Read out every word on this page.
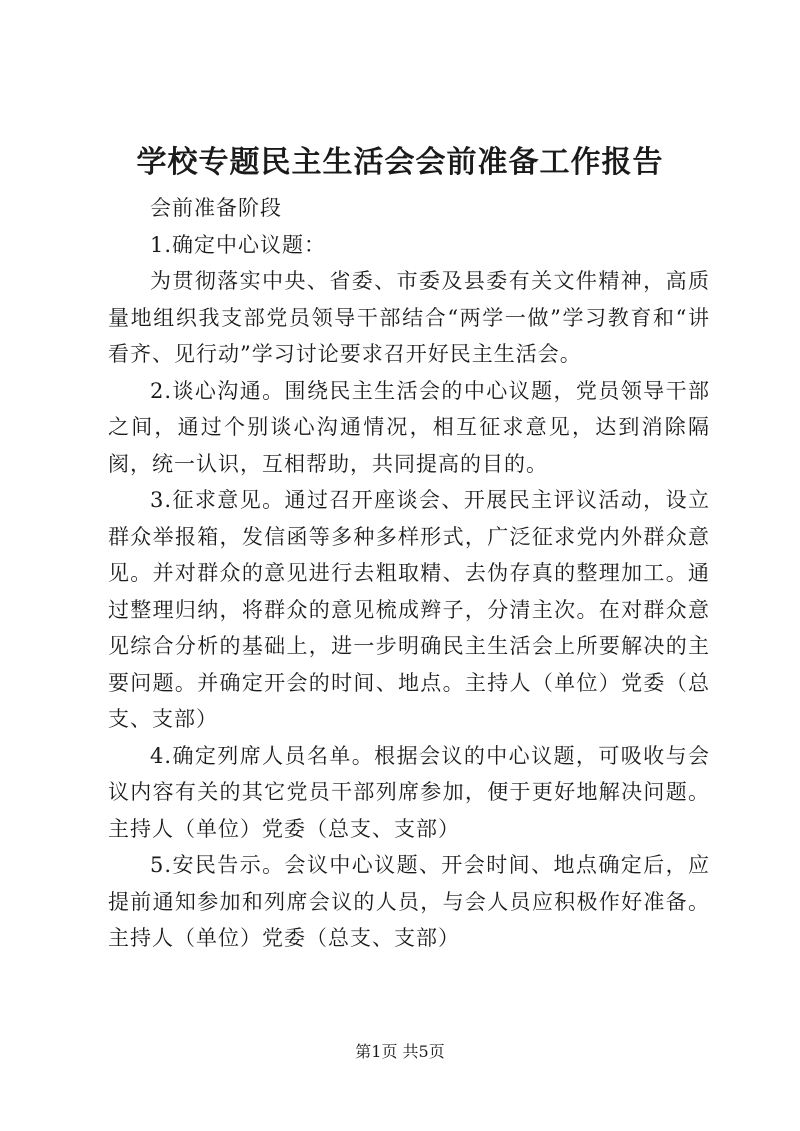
学校专题民主生活会会前准备工作报告

会前准备阶段

1.确定中心议题：

为贯彻落实中央、省委、市委及县委有关文件精神，高质量地组织我支部党员领导干部结合“两学一做”学习教育和“讲看齐、见行动”学习讨论要求召开好民主生活会。

2.谈心沟通。围绕民主生活会的中心议题，党员领导干部之间，通过个别谈心沟通情况，相互征求意见，达到消除隔阂，统一认识，互相帮助，共同提高的目的。

3.征求意见。通过召开座谈会、开展民主评议活动，设立群众举报箱，发信函等多种多样形式，广泛征求党内外群众意见。并对群众的意见进行去粗取精、去伪存真的整理加工。通过整理归纳，将群众的意见梳成辫子，分清主次。在对群众意见综合分析的基础上，进一步明确民主生活会上所要解决的主要问题。并确定开会的时间、地点。主持人（单位）党委（总支、支部）

4.确定列席人员名单。根据会议的中心议题，可吸收与会议内容有关的其它党员干部列席参加，便于更好地解决问题。主持人（单位）党委（总支、支部）

5.安民告示。会议中心议题、开会时间、地点确定后，应提前通知参加和列席会议的人员，与会人员应积极作好准备。主持人（单位）党委（总支、支部）

第1页 共5页
